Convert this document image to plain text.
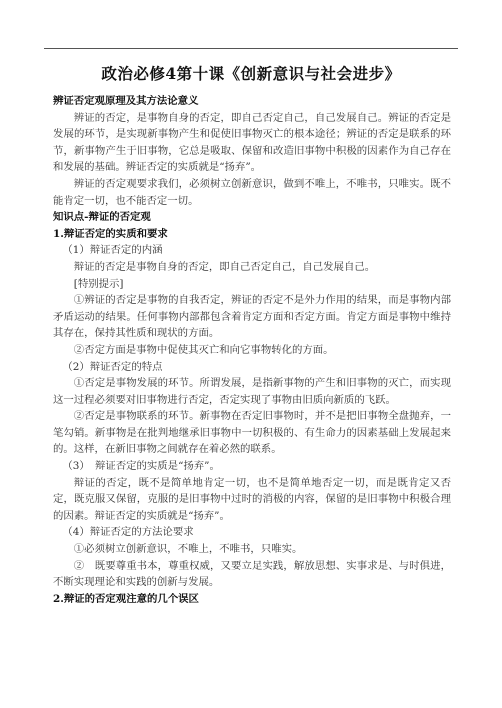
政治必修4第十课《创新意识与社会进步》

辨证否定观原理及其方法论意义

辨证的否定，是事物自身的否定，即自己否定自己，自己发展自己。辨证的否定是发展的环节，是实现新事物产生和促使旧事物灭亡的根本途径；辨证的否定是联系的环节，新事物产生于旧事物，它总是吸取、保留和改造旧事物中积极的因素作为自己存在和发展的基础。辨证否定的实质就是“扬弃”。

辨证的否定观要求我们，必须树立创新意识，做到不唯上，不唯书，只唯实。既不能肯定一切，也不能否定一切。

知识点-辩证的否定观

1.辩证否定的实质和要求

（1）辩证否定的内涵

辩证的否定是事物自身的否定，即自己否定自己，自己发展自己。

[特别提示]

①辨证的否定是事物的自我否定，辨证的否定不是外力作用的结果，而是事物内部矛盾运动的结果。任何事物内部都包含着肯定方面和否定方面。肯定方面是事物中维持其存在，保持其性质和现状的方面。

②否定方面是事物中促使其灭亡和向它事物转化的方面。

（2）辩证否定的特点

①否定是事物发展的环节。所谓发展，是指新事物的产生和旧事物的灭亡，而实现这一过程必须要对旧事物进行否定，否定实现了事物由旧质向新质的飞跃。

②否定是事物联系的环节。新事物在否定旧事物时，并不是把旧事物全盘抛弃，一笔勾销。新事物是在批判地继承旧事物中一切积极的、有生命力的因素基础上发展起来的。这样，在新旧事物之间就存在着必然的联系。

（3）　辩证否定的实质是“扬弃”。

辩证的否定，既不是简单地肯定一切，也不是简单地否定一切，而是既肯定又否定，既克服又保留，克服的是旧事物中过时的消极的内容，保留的是旧事物中积极合理的因素。辩证否定的实质就是“扬弃”。

（4）辩证否定的方法论要求

①必须树立创新意识，不唯上，不唯书，只唯实。

②　既要尊重书本，尊重权威，又要立足实践，解放思想、实事求是、与时俱进，不断实现理论和实践的创新与发展。

2.辩证的否定观注意的几个误区
